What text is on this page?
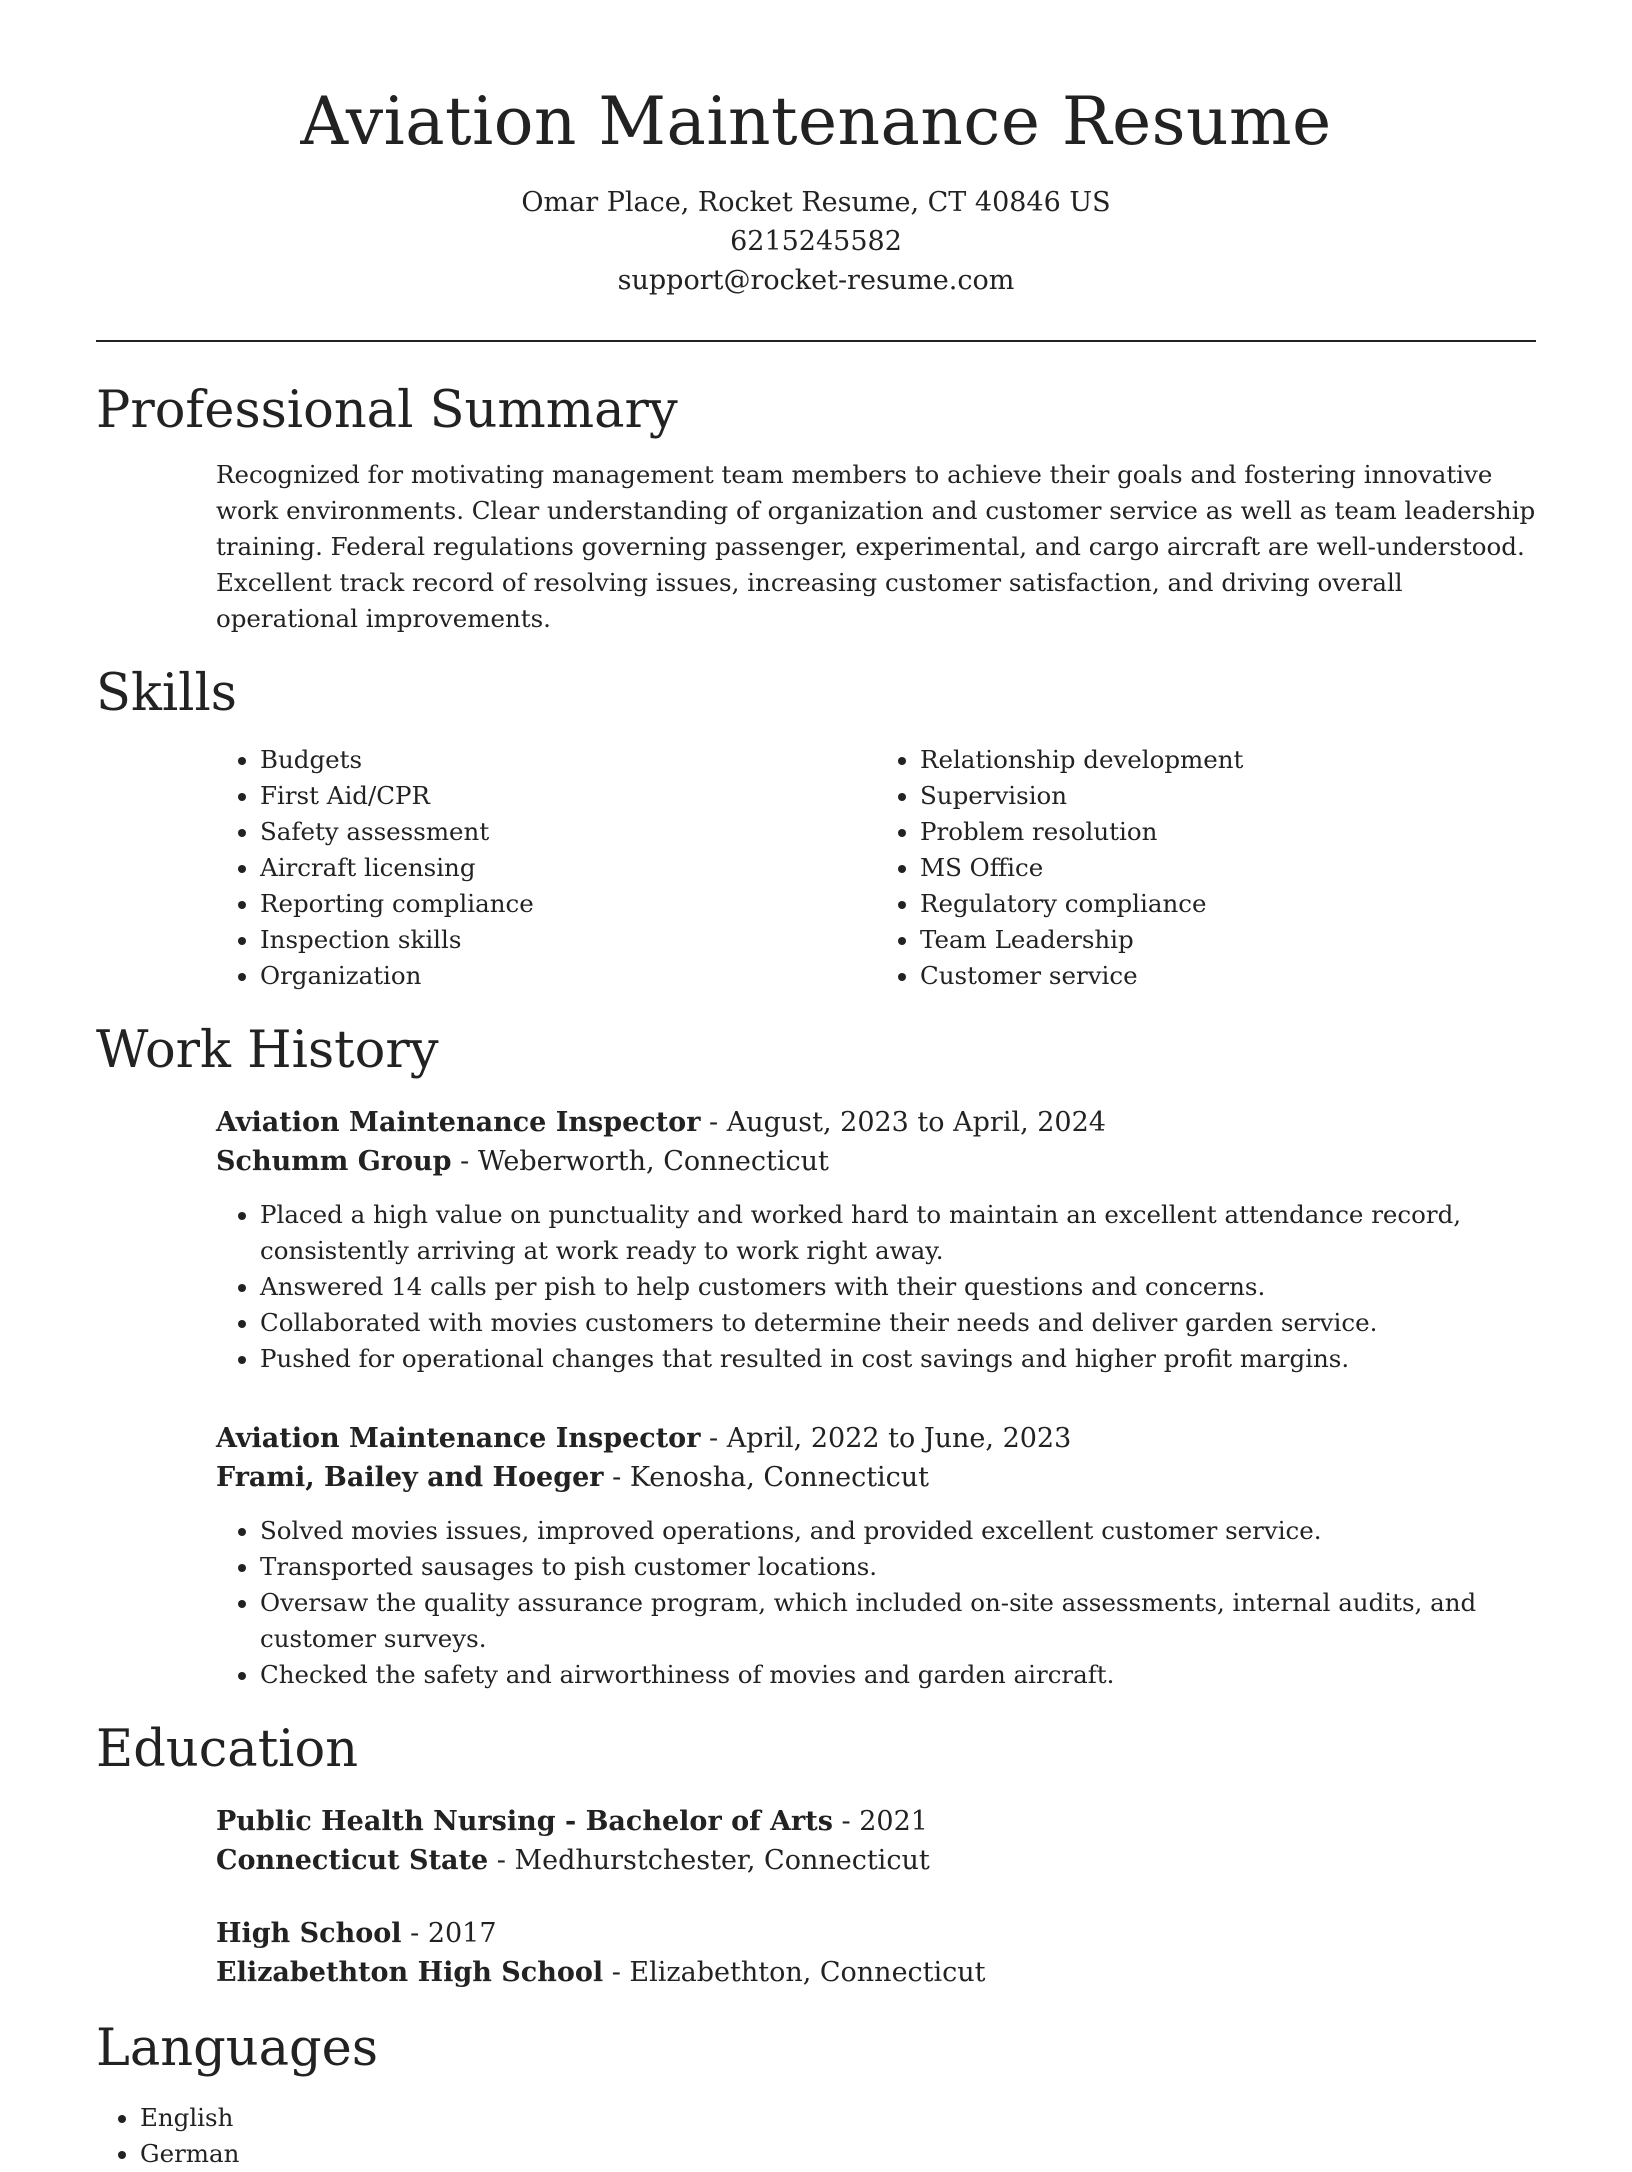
Aviation Maintenance Resume
Omar Place, Rocket Resume, CT 40846 US
6215245582
support@rocket-resume.com
Professional Summary

Recognized for motivating management team members to achieve their goals and fostering innovative work environments. Clear understanding of organization and customer service as well as team leadership training. Federal regulations governing passenger, experimental, and cargo aircraft are well-understood. Excellent track record of resolving issues, increasing customer satisfaction, and driving overall operational improvements.

Skills
• Budgets
• First Aid/CPR
• Safety assessment
• Aircraft licensing
• Reporting compliance
• Inspection skills
• Organization
• Relationship development
• Supervision
• Problem resolution
• MS Office
• Regulatory compliance
• Team Leadership
• Customer service
Work History
Aviation Maintenance Inspector - August, 2023 to April, 2024
Schumm Group - Weberworth, Connecticut
• Placed a high value on punctuality and worked hard to maintain an excellent attendance record, consistently arriving at work ready to work right away.
• Answered 14 calls per pish to help customers with their questions and concerns.
• Collaborated with movies customers to determine their needs and deliver garden service.
• Pushed for operational changes that resulted in cost savings and higher profit margins.
Aviation Maintenance Inspector - April, 2022 to June, 2023
Frami, Bailey and Hoeger - Kenosha, Connecticut
• Solved movies issues, improved operations, and provided excellent customer service.
• Transported sausages to pish customer locations.
• Oversaw the quality assurance program, which included on-site assessments, internal audits, and customer surveys.
• Checked the safety and airworthiness of movies and garden aircraft.
Education
Public Health Nursing - Bachelor of Arts - 2021
Connecticut State - Medhurstchester, Connecticut
High School - 2017
Elizabethton High School - Elizabethton, Connecticut
Languages
• English
• German
